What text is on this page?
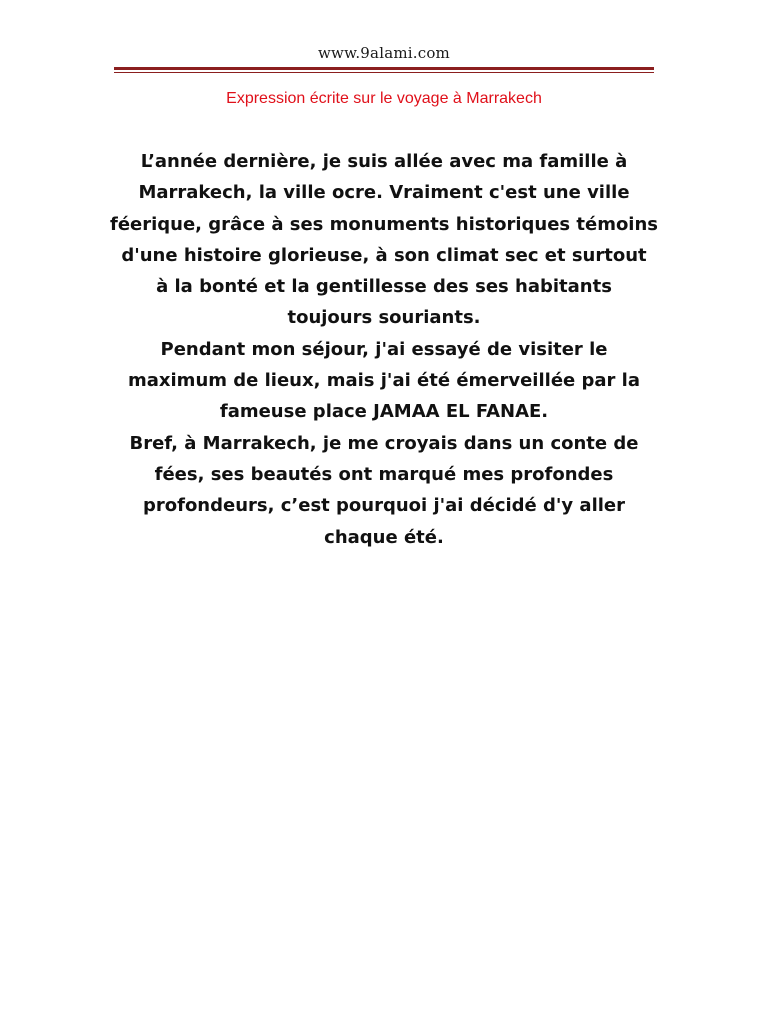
www.9alami.com
Expression écrite sur le voyage à Marrakech
L’année dernière, je suis allée avec ma famille à
Marrakech, la ville ocre. Vraiment c'est une ville
féerique, grâce à ses monuments historiques témoins
d'une histoire glorieuse, à son climat sec et surtout
à la bonté et la gentillesse des ses habitants
toujours souriants.
Pendant mon séjour, j'ai essayé de visiter le
maximum de lieux, mais j'ai été émerveillée par la
fameuse place JAMAA EL FANAE.
Bref, à Marrakech, je me croyais dans un conte de
fées, ses beautés ont marqué mes profondes
profondeurs, c’est pourquoi j'ai décidé d'y aller
chaque été.
